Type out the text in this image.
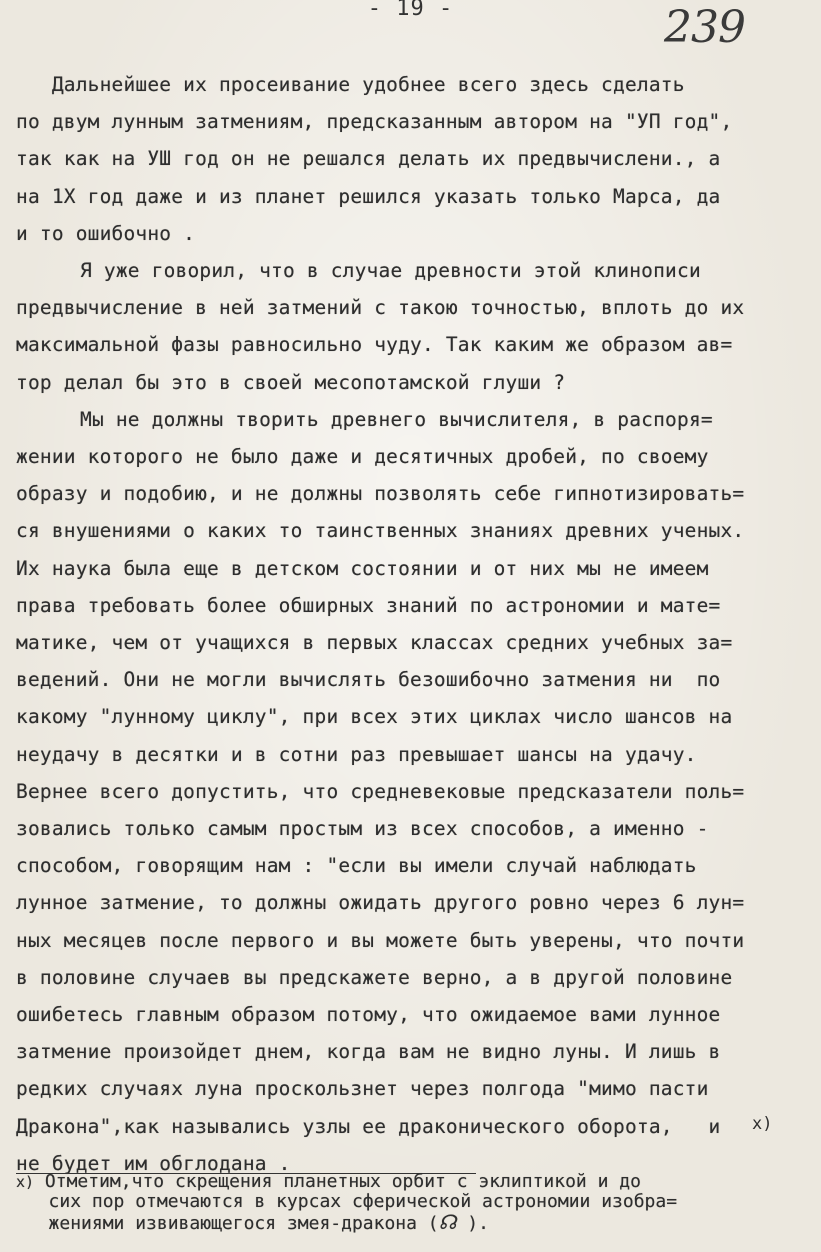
- 19 -	239
Дальнейшее их просеивание удобнее всего здесь сделать
по двум лунным затмениям, предсказанным автором на "УП год",
так как на УШ год он не решался делать их предвычислени., а
на 1X год даже и из планет решился указать только Марса, да
и то ошибочно .
Я уже говорил, что в случае древности этой клинописи
предвычисление в ней затмений с такою точностью, вплоть до их
максимальной фазы равносильно чуду. Так каким же образом ав=
тор делал бы это в своей месопотамской глуши ?
Мы не должны творить древнего вычислителя, в распоря=
жении которого не было даже и десятичных дробей, по своему
образу и подобию, и не должны позволять себе гипнотизировать=
ся внушениями о каких то таинственных знаниях древних ученых.
Их наука была еще в детском состоянии и от них мы не имеем
права требовать более обширных знаний по астрономии и мате=
матике, чем от учащихся в первых классах средних учебных за=
ведений. Они не могли вычислять безошибочно затмения ни  по
какому "лунному циклу", при всех этих циклах число шансов на
неудачу в десятки и в сотни раз превышает шансы на удачу.
Вернее всего допустить, что средневековые предсказатели поль=
зовались только самым простым из всех способов, а именно -
способом, говорящим нам : "если вы имели случай наблюдать
лунное затмение, то должны ожидать другого ровно через 6 лун=
ных месяцев после первого и вы можете быть уверены, что почти
в половине случаев вы предскажете верно, а в другой половине
ошибетесь главным образом потому, что ожидаемое вами лунное
затмение произойдет днем, когда вам не видно луны. И лишь в
редких случаях луна проскользнет через полгода "мимо пасти
Дракона",как назывались узлы ее драконического оборота,   и
не будет им обглодана .
x)
$^{x)}$ Отметим,что скрещения планетных орбит с эклиптикой и до
сих пор отмечаются в курсах сферической астрономии изобра=
жениями извивающегося змея-дракона (☊ ).
